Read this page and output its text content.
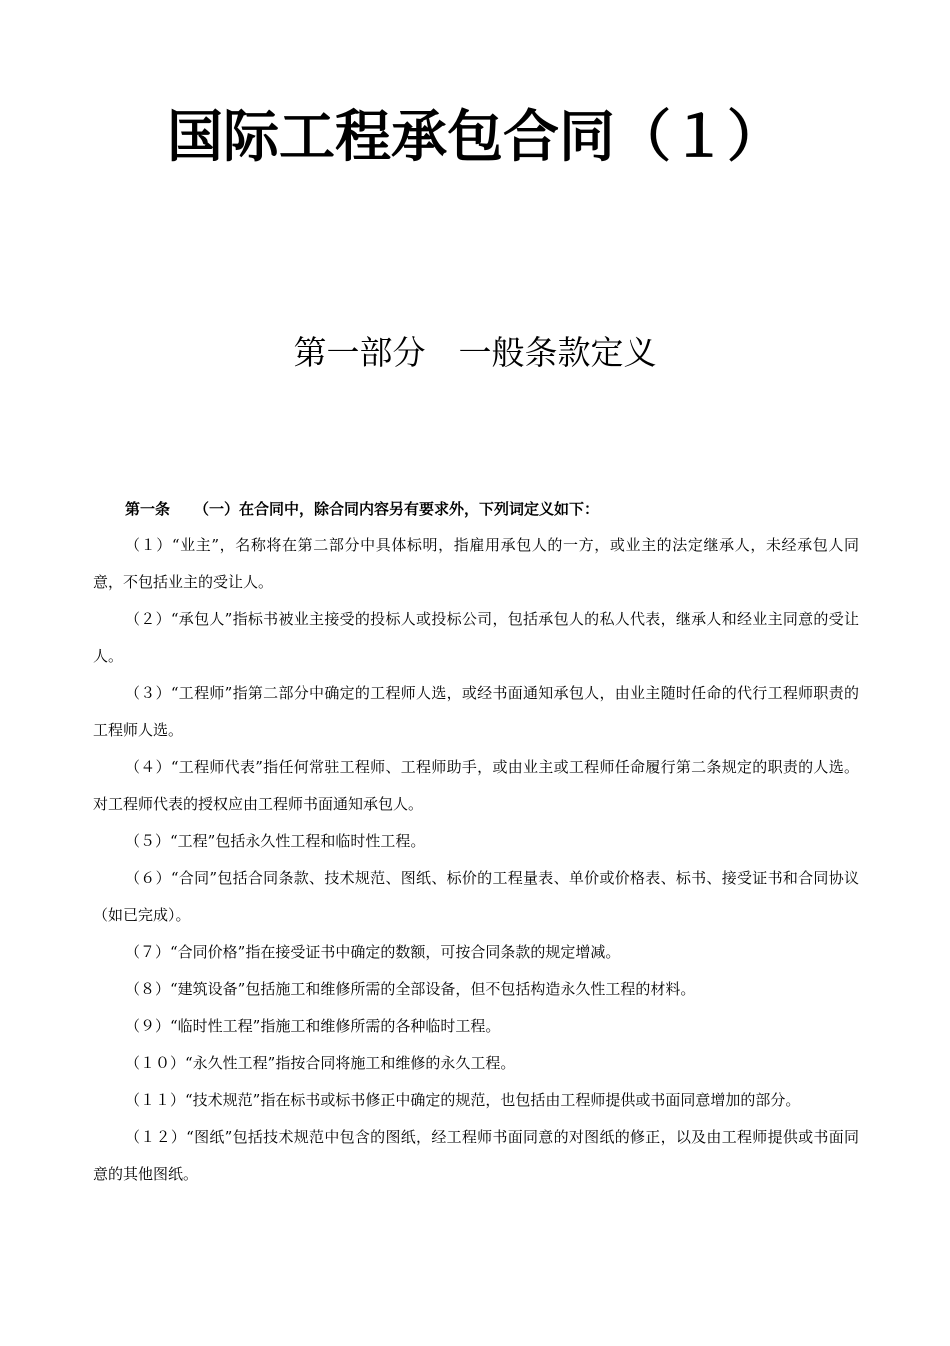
国际工程承包合同（１）
第一部分　一般条款定义
第一条 （一）在合同中，除合同内容另有要求外，下列词定义如下：

（１）“业主”，名称将在第二部分中具体标明，指雇用承包人的一方，或业主的法定继承人，未经承包人同意，不包括业主的受让人。

（２）“承包人”指标书被业主接受的投标人或投标公司，包括承包人的私人代表，继承人和经业主同意的受让人。

（３）“工程师”指第二部分中确定的工程师人选，或经书面通知承包人，由业主随时任命的代行工程师职责的工程师人选。

（４）“工程师代表”指任何常驻工程师、工程师助手，或由业主或工程师任命履行第二条规定的职责的人选。对工程师代表的授权应由工程师书面通知承包人。

（５）“工程”包括永久性工程和临时性工程。

（６）“合同”包括合同条款、技术规范、图纸、标价的工程量表、单价或价格表、标书、接受证书和合同协议（如已完成）。

（７）“合同价格”指在接受证书中确定的数额，可按合同条款的规定增减。

（８）“建筑设备”包括施工和维修所需的全部设备，但不包括构造永久性工程的材料。

（９）“临时性工程”指施工和维修所需的各种临时工程。

（１０）“永久性工程”指按合同将施工和维修的永久工程。

（１１）“技术规范”指在标书或标书修正中确定的规范，也包括由工程师提供或书面同意增加的部分。

（１２）“图纸”包括技术规范中包含的图纸，经工程师书面同意的对图纸的修正，以及由工程师提供或书面同意的其他图纸。
